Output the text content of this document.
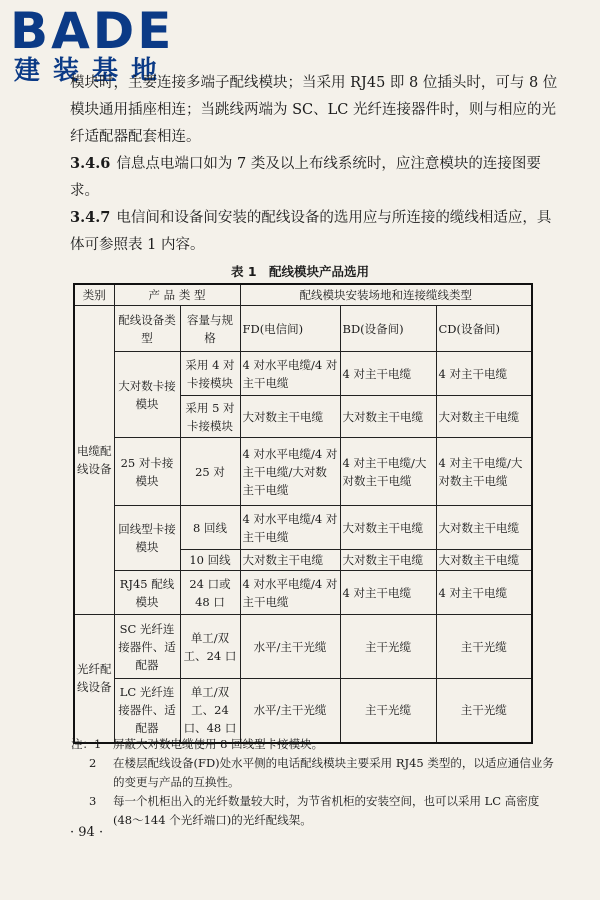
BADE
建装基地
模块时，主要连接多端子配线模块；当采用 RJ45 即 8 位插头时，可与 8 位模块通用插座相连；当跳线两端为 SC、LC 光纤连接器件时，则与相应的光纤适配器配套相连。
3.4.6 信息点电端口如为 7 类及以上布线系统时，应注意模块的连接图要求。
3.4.7 电信间和设备间安装的配线设备的选用应与所连接的缆线相适应，具体可参照表 1 内容。
表 1　配线模块产品选用
类别	产 品 类 型		配线模块安装场地和连接缆线类型		
电缆配线设备	配线设备类型	容量与规格	FD(电信间)	BD(设备间)	CD(设备间)
	大对数卡接模块	采用 4 对卡接模块	4 对水平电缆/4 对主干电缆	4 对主干电缆	4 对主干电缆
		采用 5 对卡接模块	大对数主干电缆	大对数主干电缆	大对数主干电缆
	25 对卡接模块	25 对	4 对水平电缆/4 对主干电缆/大对数主干电缆	4 对主干电缆/大对数主干电缆	4 对主干电缆/大对数主干电缆
	回线型卡接模块	8 回线	4 对水平电缆/4 对主干电缆	大对数主干电缆	大对数主干电缆
		10 回线	大对数主干电缆	大对数主干电缆	大对数主干电缆
	RJ45 配线模块	24 口或 48 口	4 对水平电缆/4 对主干电缆	4 对主干电缆	4 对主干电缆
光纤配线设备	SC 光纤连接器件、适配器	单工/双工、24 口	水平/主干光缆	主干光缆	主干光缆
	LC 光纤连接器件、适配器	单工/双工、24 口、48 口	水平/主干光缆	主干光缆	主干光缆
注：1 屏蔽大对数电缆使用 8 回线型卡接模块。
2 在楼层配线设备(FD)处水平侧的电话配线模块主要采用 RJ45 类型的，以适应通信业务的变更与产品的互换性。
3 每一个机柜出入的光纤数量较大时，为节省机柜的安装空间，也可以采用 LC 高密度(48～144 个光纤端口)的光纤配线架。
· 94 ·
